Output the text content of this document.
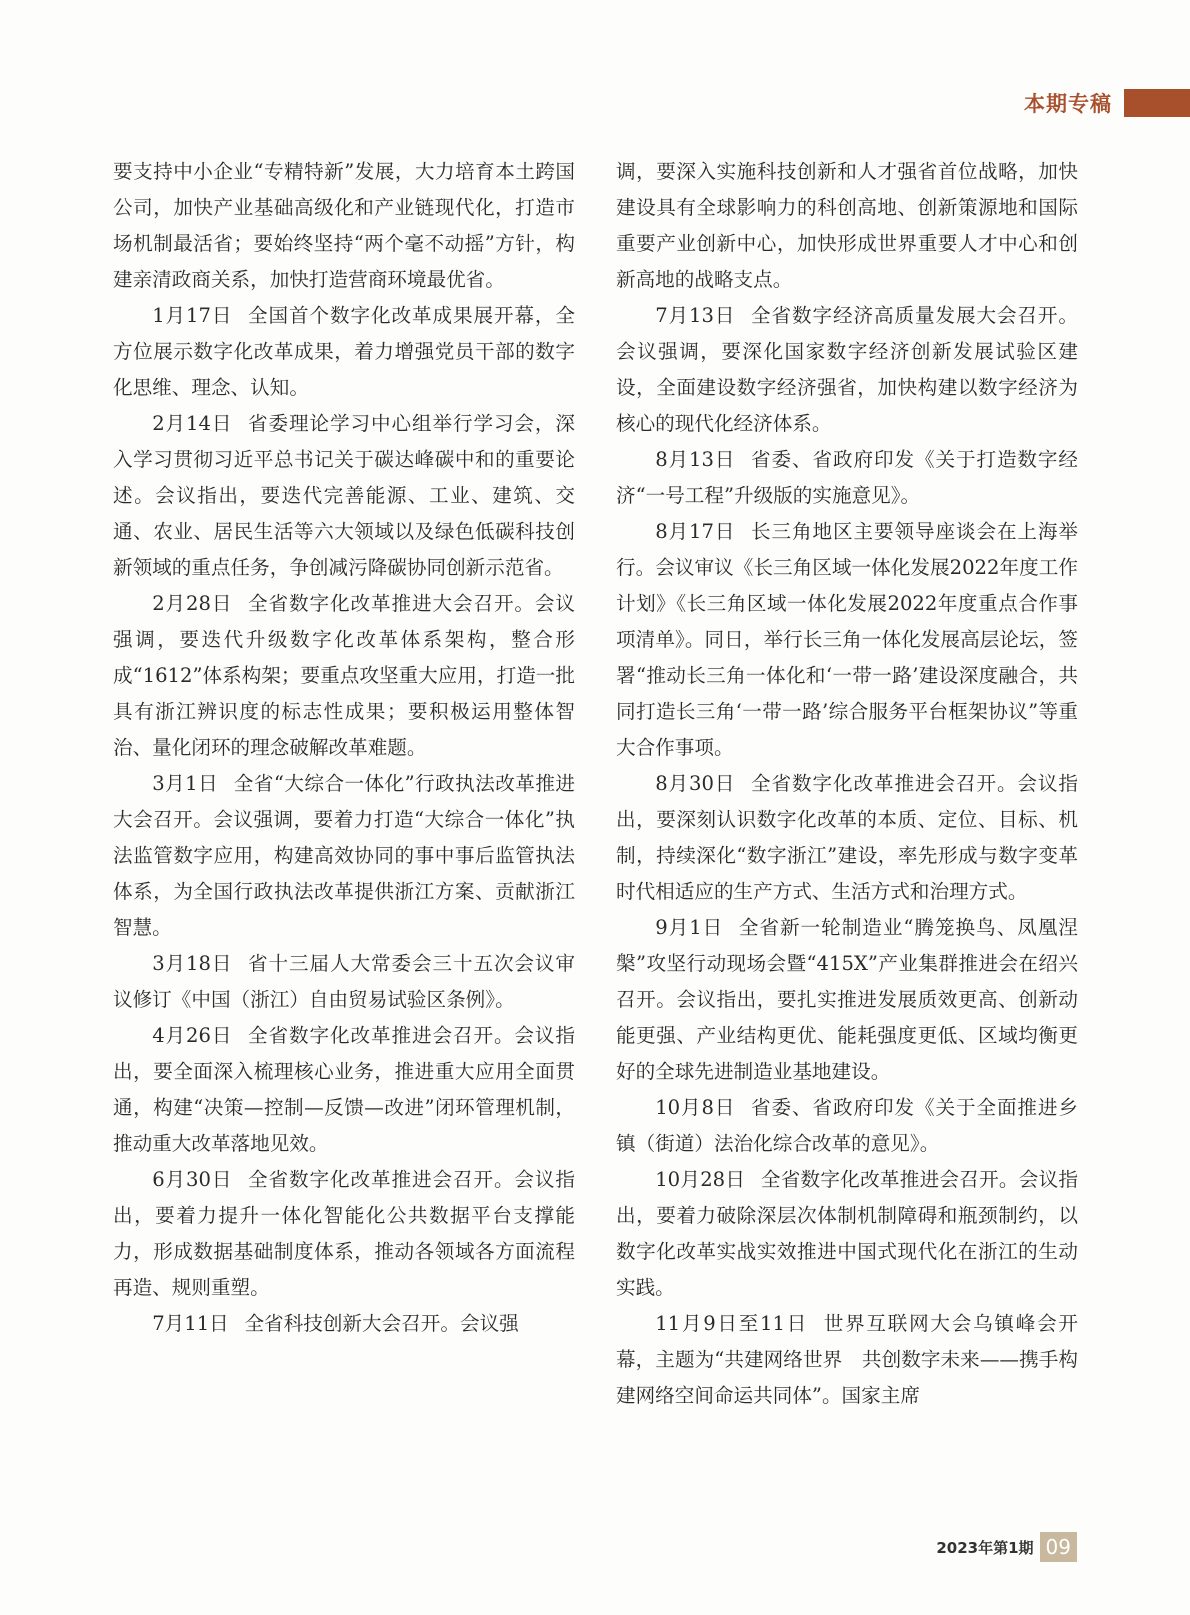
本期专稿

要支持中小企业“专精特新”发展，大力培育本土跨国公司，加快产业基础高级化和产业链现代化，打造市场机制最活省；要始终坚持“两个毫不动摇”方针，构建亲清政商关系，加快打造营商环境最优省。

1月17日 全国首个数字化改革成果展开幕，全方位展示数字化改革成果，着力增强党员干部的数字化思维、理念、认知。

2月14日 省委理论学习中心组举行学习会，深入学习贯彻习近平总书记关于碳达峰碳中和的重要论述。会议指出，要迭代完善能源、工业、建筑、交通、农业、居民生活等六大领域以及绿色低碳科技创新领域的重点任务，争创减污降碳协同创新示范省。

2月28日 全省数字化改革推进大会召开。会议强调，要迭代升级数字化改革体系架构，整合形成“1612”体系构架；要重点攻坚重大应用，打造一批具有浙江辨识度的标志性成果；要积极运用整体智治、量化闭环的理念破解改革难题。

3月1日 全省“大综合一体化”行政执法改革推进大会召开。会议强调，要着力打造“大综合一体化”执法监管数字应用，构建高效协同的事中事后监管执法体系，为全国行政执法改革提供浙江方案、贡献浙江智慧。

3月18日 省十三届人大常委会三十五次会议审议修订《中国（浙江）自由贸易试验区条例》。

4月26日 全省数字化改革推进会召开。会议指出，要全面深入梳理核心业务，推进重大应用全面贯通，构建“决策—控制—反馈—改进”闭环管理机制，推动重大改革落地见效。

6月30日 全省数字化改革推进会召开。会议指出，要着力提升一体化智能化公共数据平台支撑能力，形成数据基础制度体系，推动各领域各方面流程再造、规则重塑。

7月11日 全省科技创新大会召开。会议强

调，要深入实施科技创新和人才强省首位战略，加快建设具有全球影响力的科创高地、创新策源地和国际重要产业创新中心，加快形成世界重要人才中心和创新高地的战略支点。

7月13日 全省数字经济高质量发展大会召开。会议强调，要深化国家数字经济创新发展试验区建设，全面建设数字经济强省，加快构建以数字经济为核心的现代化经济体系。

8月13日 省委、省政府印发《关于打造数字经济“一号工程”升级版的实施意见》。

8月17日 长三角地区主要领导座谈会在上海举行。会议审议《长三角区域一体化发展2022年度工作计划》《长三角区域一体化发展2022年度重点合作事项清单》。同日，举行长三角一体化发展高层论坛，签署“推动长三角一体化和‘一带一路’建设深度融合，共同打造长三角‘一带一路’综合服务平台框架协议”等重大合作事项。

8月30日 全省数字化改革推进会召开。会议指出，要深刻认识数字化改革的本质、定位、目标、机制，持续深化“数字浙江”建设，率先形成与数字变革时代相适应的生产方式、生活方式和治理方式。

9月1日 全省新一轮制造业“腾笼换鸟、凤凰涅槃”攻坚行动现场会暨“415X”产业集群推进会在绍兴召开。会议指出，要扎实推进发展质效更高、创新动能更强、产业结构更优、能耗强度更低、区域均衡更好的全球先进制造业基地建设。

10月8日 省委、省政府印发《关于全面推进乡镇（街道）法治化综合改革的意见》。

10月28日 全省数字化改革推进会召开。会议指出，要着力破除深层次体制机制障碍和瓶颈制约，以数字化改革实战实效推进中国式现代化在浙江的生动实践。

11月9日至11日 世界互联网大会乌镇峰会开幕，主题为“共建网络世界　共创数字未来——携手构建网络空间命运共同体”。国家主席

2023年第1期 09
